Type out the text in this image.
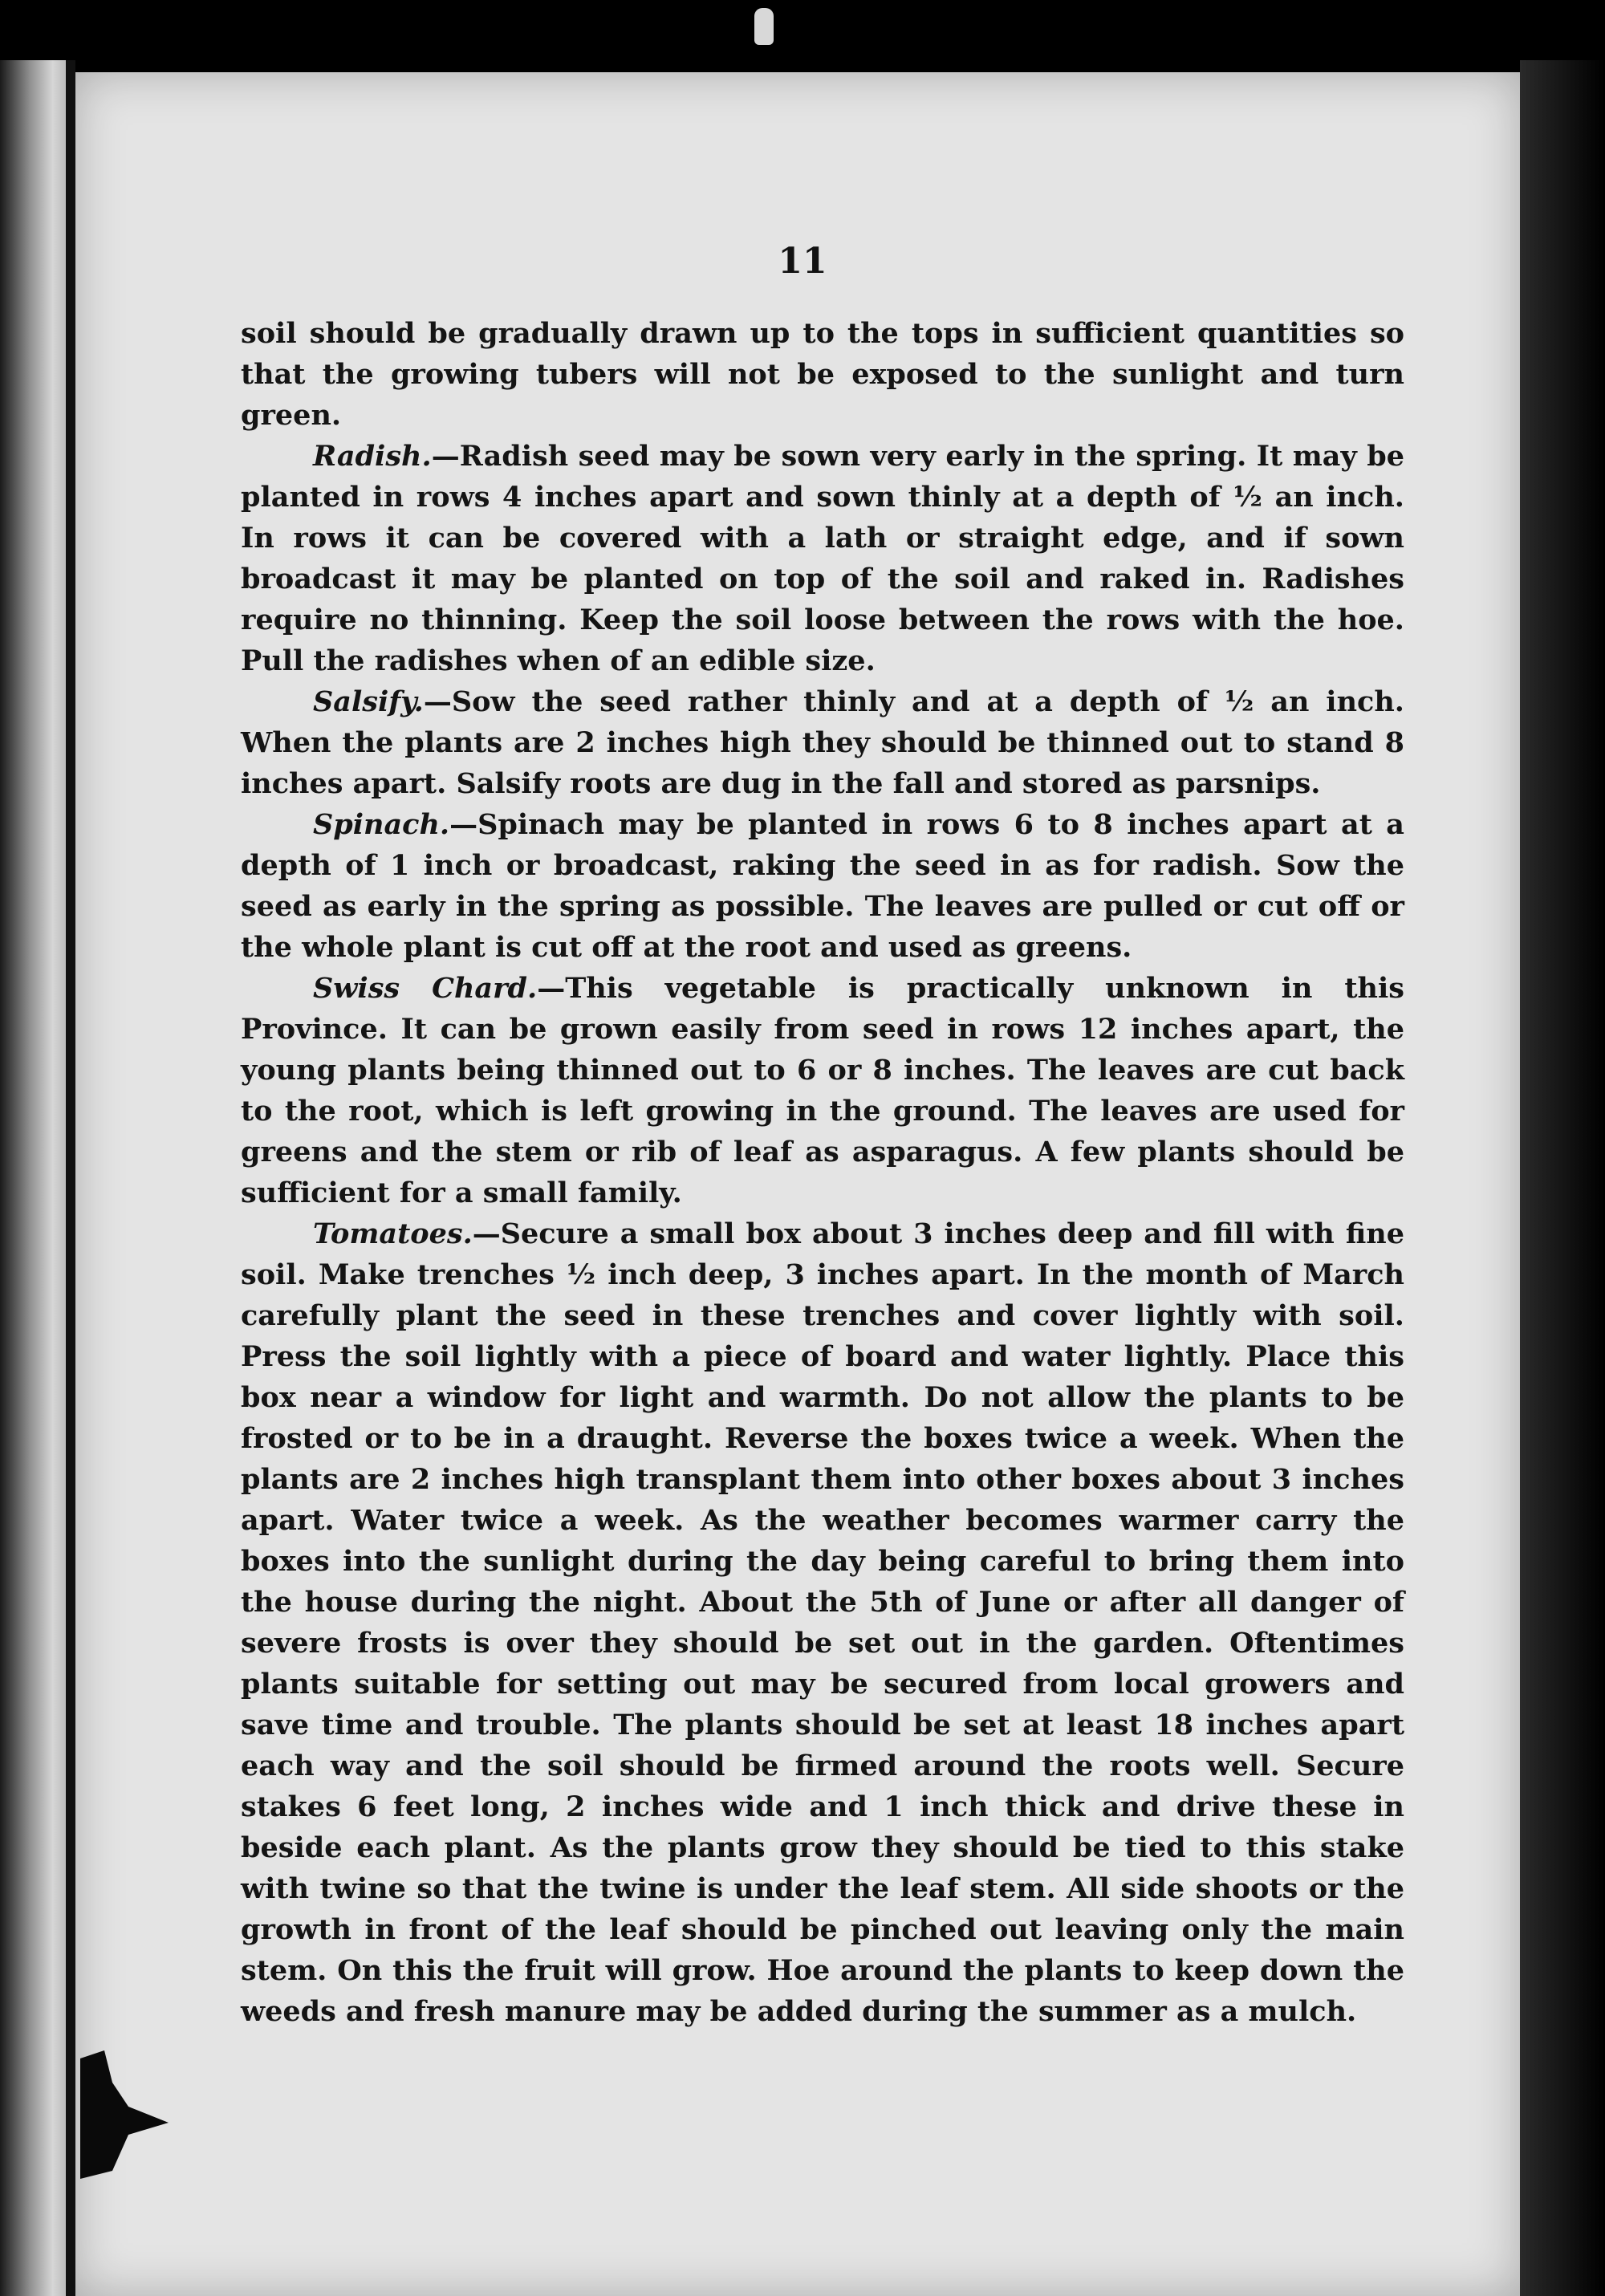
11

soil should be gradually drawn up to the tops in sufficient quantities so that the growing tubers will not be exposed to the sunlight and turn green.

Radish.—Radish seed may be sown very early in the spring. It may be planted in rows 4 inches apart and sown thinly at a depth of ½ an inch. In rows it can be covered with a lath or straight edge, and if sown broadcast it may be planted on top of the soil and raked in. Radishes require no thinning. Keep the soil loose between the rows with the hoe. Pull the radishes when of an edible size.

Salsify.—Sow the seed rather thinly and at a depth of ½ an inch. When the plants are 2 inches high they should be thinned out to stand 8 inches apart. Salsify roots are dug in the fall and stored as parsnips.

Spinach.—Spinach may be planted in rows 6 to 8 inches apart at a depth of 1 inch or broadcast, raking the seed in as for radish. Sow the seed as early in the spring as possible. The leaves are pulled or cut off or the whole plant is cut off at the root and used as greens.

Swiss Chard.—This vegetable is practically unknown in this Province. It can be grown easily from seed in rows 12 inches apart, the young plants being thinned out to 6 or 8 inches. The leaves are cut back to the root, which is left growing in the ground. The leaves are used for greens and the stem or rib of leaf as asparagus. A few plants should be sufficient for a small family.

Tomatoes.—Secure a small box about 3 inches deep and fill with fine soil. Make trenches ½ inch deep, 3 inches apart. In the month of March carefully plant the seed in these trenches and cover lightly with soil. Press the soil lightly with a piece of board and water lightly. Place this box near a window for light and warmth. Do not allow the plants to be frosted or to be in a draught. Reverse the boxes twice a week. When the plants are 2 inches high transplant them into other boxes about 3 inches apart. Water twice a week. As the weather becomes warmer carry the boxes into the sunlight during the day being careful to bring them into the house during the night. About the 5th of June or after all danger of severe frosts is over they should be set out in the garden. Oftentimes plants suitable for setting out may be secured from local growers and save time and trouble. The plants should be set at least 18 inches apart each way and the soil should be firmed around the roots well. Secure stakes 6 feet long, 2 inches wide and 1 inch thick and drive these in beside each plant. As the plants grow they should be tied to this stake with twine so that the twine is under the leaf stem. All side shoots or the growth in front of the leaf should be pinched out leaving only the main stem. On this the fruit will grow. Hoe around the plants to keep down the weeds and fresh manure may be added during the summer as a mulch.
